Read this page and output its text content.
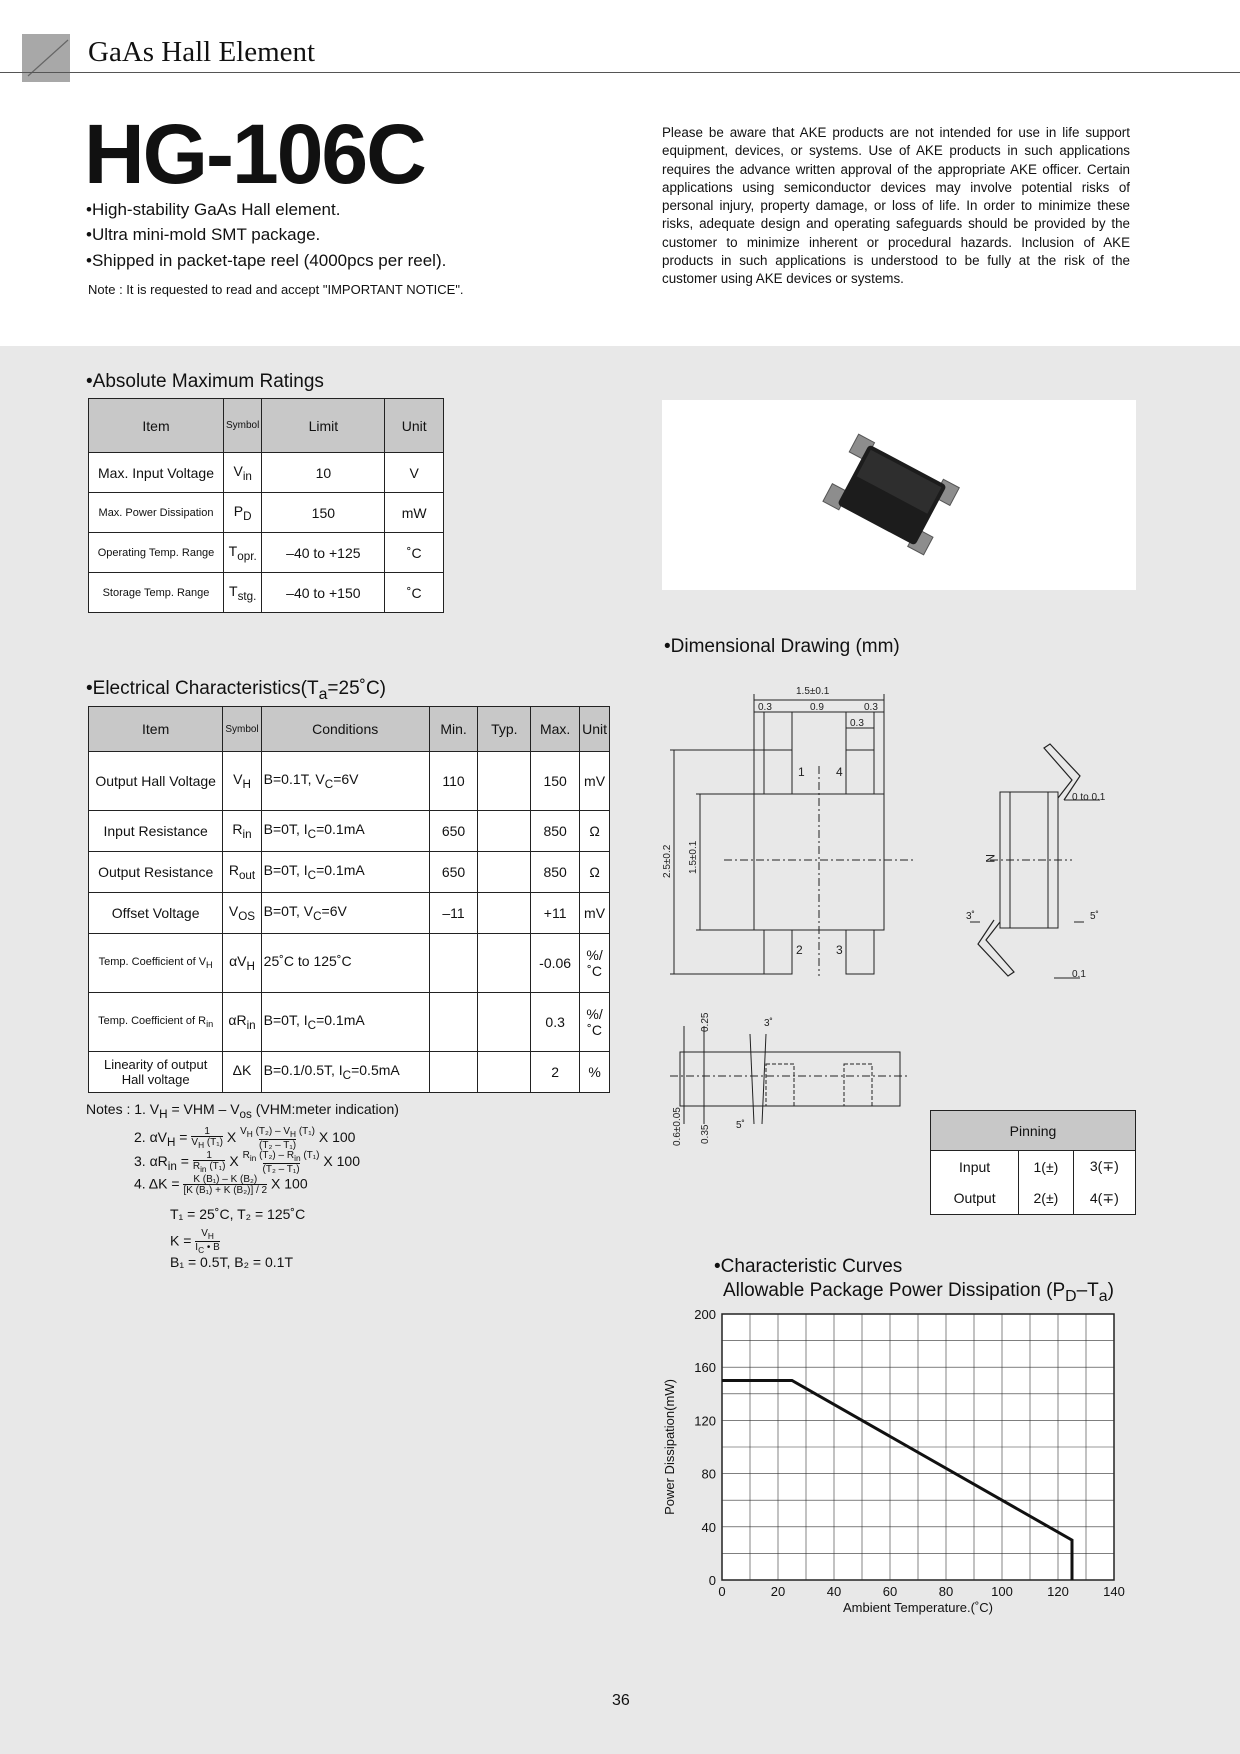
GaAs Hall Element
HG-106C
•High-stability GaAs Hall element.
•Ultra mini-mold SMT package.
•Shipped in packet-tape reel (4000pcs per reel).
Note : It is requested to read and accept "IMPORTANT NOTICE".
Please be aware that AKE products are not intended for use in life support equipment, devices, or systems. Use of AKE products in such applications requires the advance written approval of the appropriate AKE officer. Certain applications using semiconductor devices may involve potential risks of personal injury, property damage, or loss of life. In order to minimize these risks, adequate design and operating safeguards should be provided by the customer to minimize inherent or procedural hazards. Inclusion of AKE products in such applications is understood to be fully at the risk of the customer using AKE devices or systems.
•Absolute Maximum Ratings
Item	Symbol	Limit	Unit
Max. Input Voltage	$V_{in}$	10	V
Max. Power Dissipation	$P_D$	150	mW
Operating Temp. Range	$T_{opr.}$	–40 to +125	˚C
Storage Temp. Range	$T_{stg.}$	–40 to +150	˚C
•Dimensional Drawing (mm)
1.5±0.1
0.3	0.9	0.3
0.3
1	4
2	3
2.5±0.2 1.5±0.1
0 to 0.1
N
3˚	5˚
0.1
0.25	3˚
0.6±0.05 0.35	5˚	Pinning		
Input	1(±)	3(∓)
Output	2(±)	4(∓)
•Electrical $Characteristics(T_a=25˚C)$
Item	Symbol	Conditions	Min.	Typ.	Max.	Unit
Output Hall Voltage	$V_H$	B=0.1T, $V_C=6V$	110		150	mV
Input Resistance	$R_{in}$	B=0T, $I_C=0.1mA$	650		850	Ω
Output Resistance	$R_{out}$	B=0T, $I_C=0.1mA$	650		850	Ω
Offset Voltage	$V_{OS}$	B=0T, $V_C=6V$	–11		+11	mV
Temp. Coefficient of $V_H$	$\alpha V_H$	25˚C to 125˚C			-0.06	%/˚C
Temp. Coefficient of $R_{in}$	$\alpha R_{in}$	B=0T, $I_C=0.1mA$			0.3	%/˚C
Linearity of output Hall voltage	ΔK	B=0.1/0.5T, $I_C=0.5mA$			2	%
Notes : 1. $V_H$ = VHM – $V_{os}$ (VHM:meter indication)
2. $\alpha V_H = \frac{1}{V_H (T_1)}$ X $V_H$ $(T_2) - V_H$ (T₁)
(T₂ – T₁) X 100
3. $\alpha R_{in} = 1$
$R_{in}$ (T₁) X $R_{in}$ $(T_2) - R_{in}$ (T₁)
(T₂ – T₁) X 100
4. ΔK = K (B₁) – K (B₂)
[K (B₁) + K (B₂)] / 2 X 100
T₁ = 25˚C, T₂ = 125˚C
$K = V_H$
$I_C$ • B
B₁ = 0.5T, B₂ = 0.1T	•Characteristic Curves
Allowable Package Power Dissipation $(P_D-T_a)$
0	20	40	60	80	100	120	140
0
40
80
120
160
200
Ambient Temperature.(˚C)
Power Dissipation(mW)
36
